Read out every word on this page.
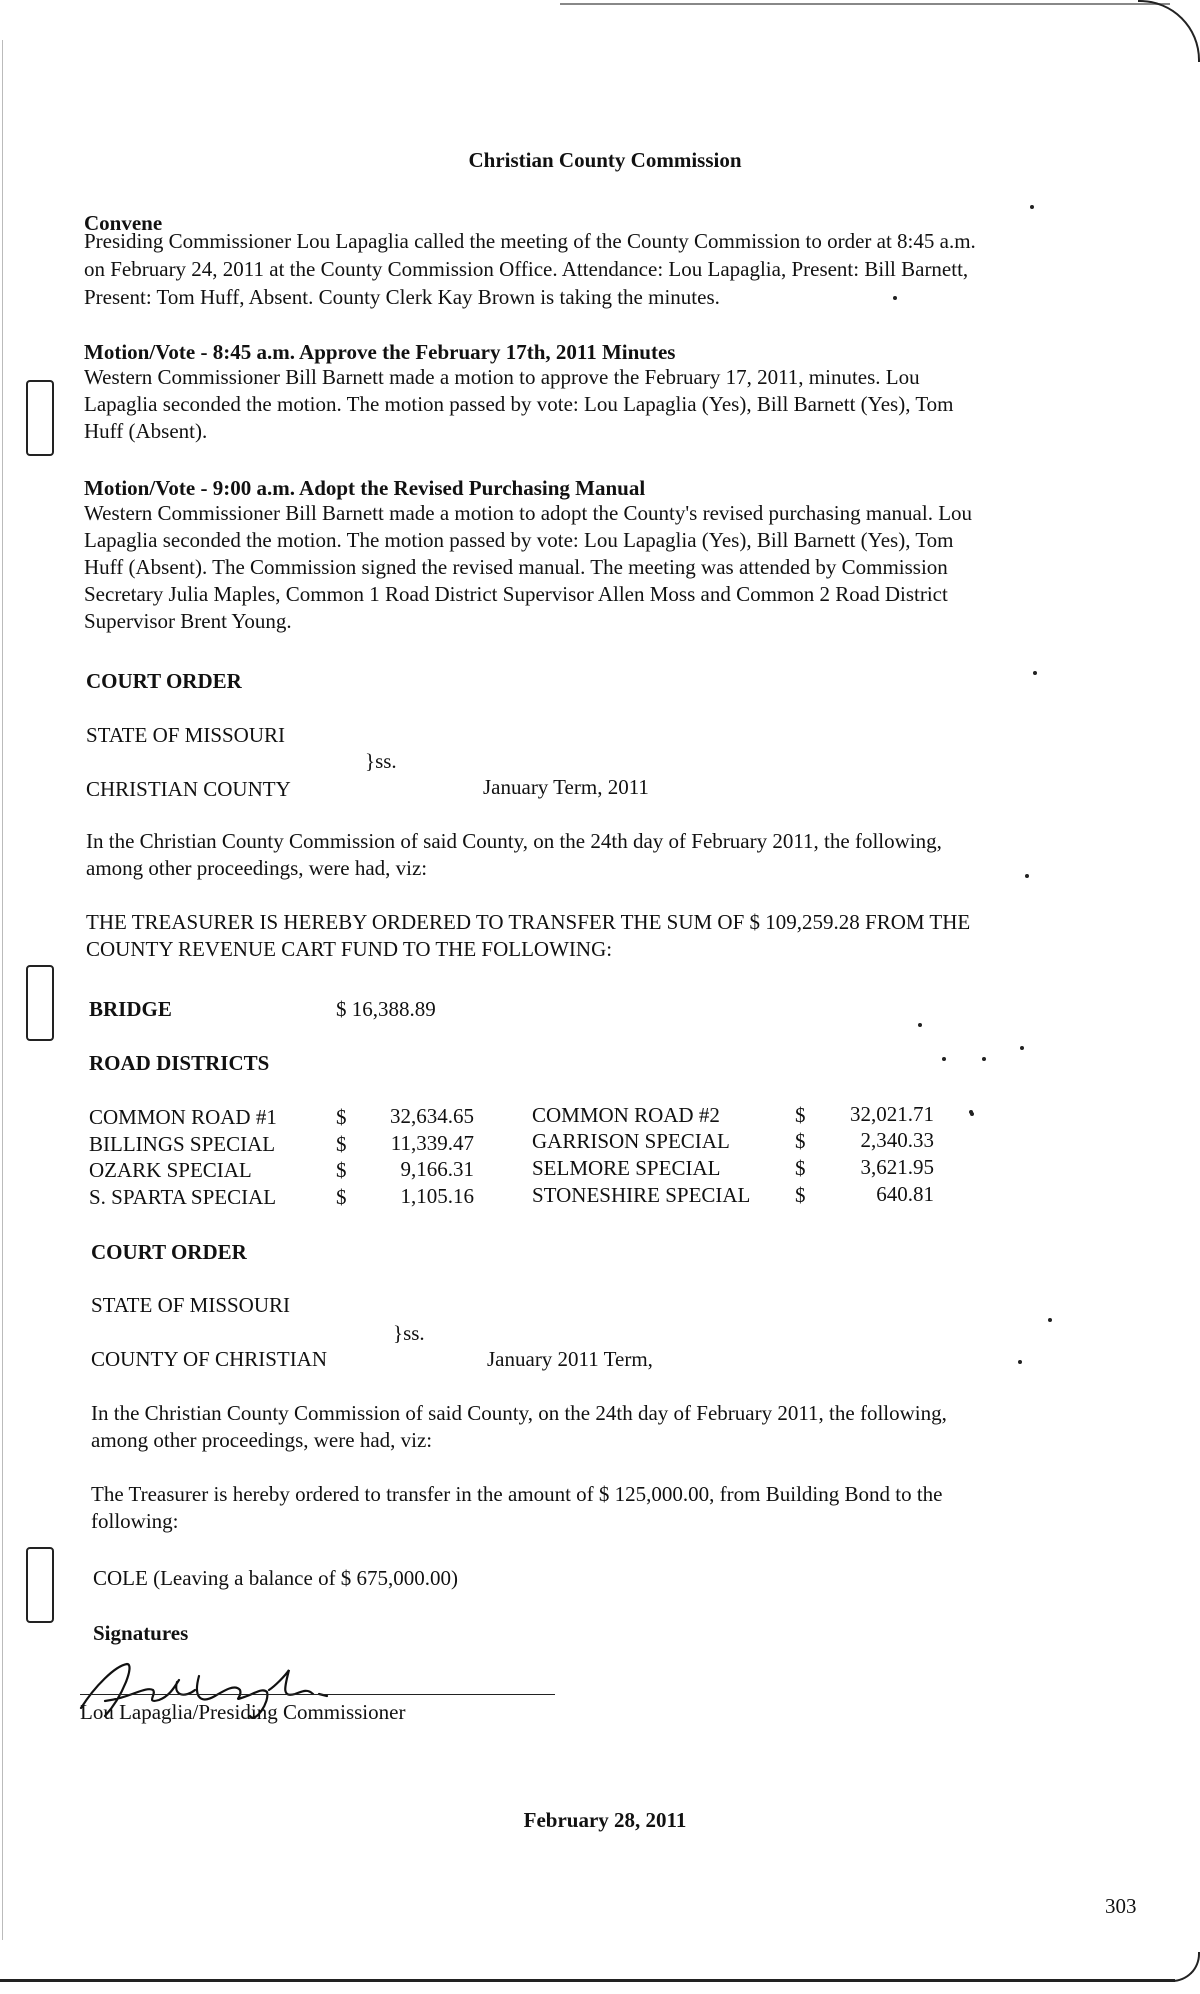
Christian County Commission
Convene
Presiding Commissioner Lou Lapaglia called the meeting of the County Commission to order at 8:45 a.m.
on February 24, 2011 at the County Commission Office. Attendance: Lou Lapaglia, Present: Bill Barnett,
Present: Tom Huff, Absent. County Clerk Kay Brown is taking the minutes.
Motion/Vote - 8:45 a.m. Approve the February 17th, 2011 Minutes
Western Commissioner Bill Barnett made a motion to approve the February 17, 2011, minutes. Lou
Lapaglia seconded the motion. The motion passed by vote: Lou Lapaglia (Yes), Bill Barnett (Yes), Tom
Huff (Absent).
Motion/Vote - 9:00 a.m. Adopt the Revised Purchasing Manual
Western Commissioner Bill Barnett made a motion to adopt the County's revised purchasing manual. Lou
Lapaglia seconded the motion. The motion passed by vote: Lou Lapaglia (Yes), Bill Barnett (Yes), Tom
Huff (Absent). The Commission signed the revised manual. The meeting was attended by Commission
Secretary Julia Maples, Common 1 Road District Supervisor Allen Moss and Common 2 Road District
Supervisor Brent Young.
COURT ORDER
STATE OF MISSOURI
}ss.
CHRISTIAN COUNTY	January Term, 2011
In the Christian County Commission of said County, on the 24th day of February 2011, the following,
among other proceedings, were had, viz:
THE TREASURER IS HEREBY ORDERED TO TRANSFER THE SUM OF $ 109,259.28 FROM THE
COUNTY REVENUE CART FUND TO THE FOLLOWING:
BRIDGE	$ 16,388.89
ROAD DISTRICTS
COMMON ROAD #1	$	32,634.65
BILLINGS SPECIAL	$	11,339.47
OZARK SPECIAL	$	9,166.31
S. SPARTA SPECIAL	$	1,105.16
COMMON ROAD #2	$	32,021.71
GARRISON SPECIAL	$	2,340.33
SELMORE SPECIAL	$	3,621.95
STONESHIRE SPECIAL $	640.81
COURT ORDER
STATE OF MISSOURI
}ss.
COUNTY OF CHRISTIAN	January 2011 Term,
In the Christian County Commission of said County, on the 24th day of February 2011, the following,
among other proceedings, were had, viz:
The Treasurer is hereby ordered to transfer in the amount of $ 125,000.00, from Building Bond to the
following:
COLE (Leaving a balance of $ 675,000.00)
Signatures
Lou Lapaglia/Presiding Commissioner
February 28, 2011
303
